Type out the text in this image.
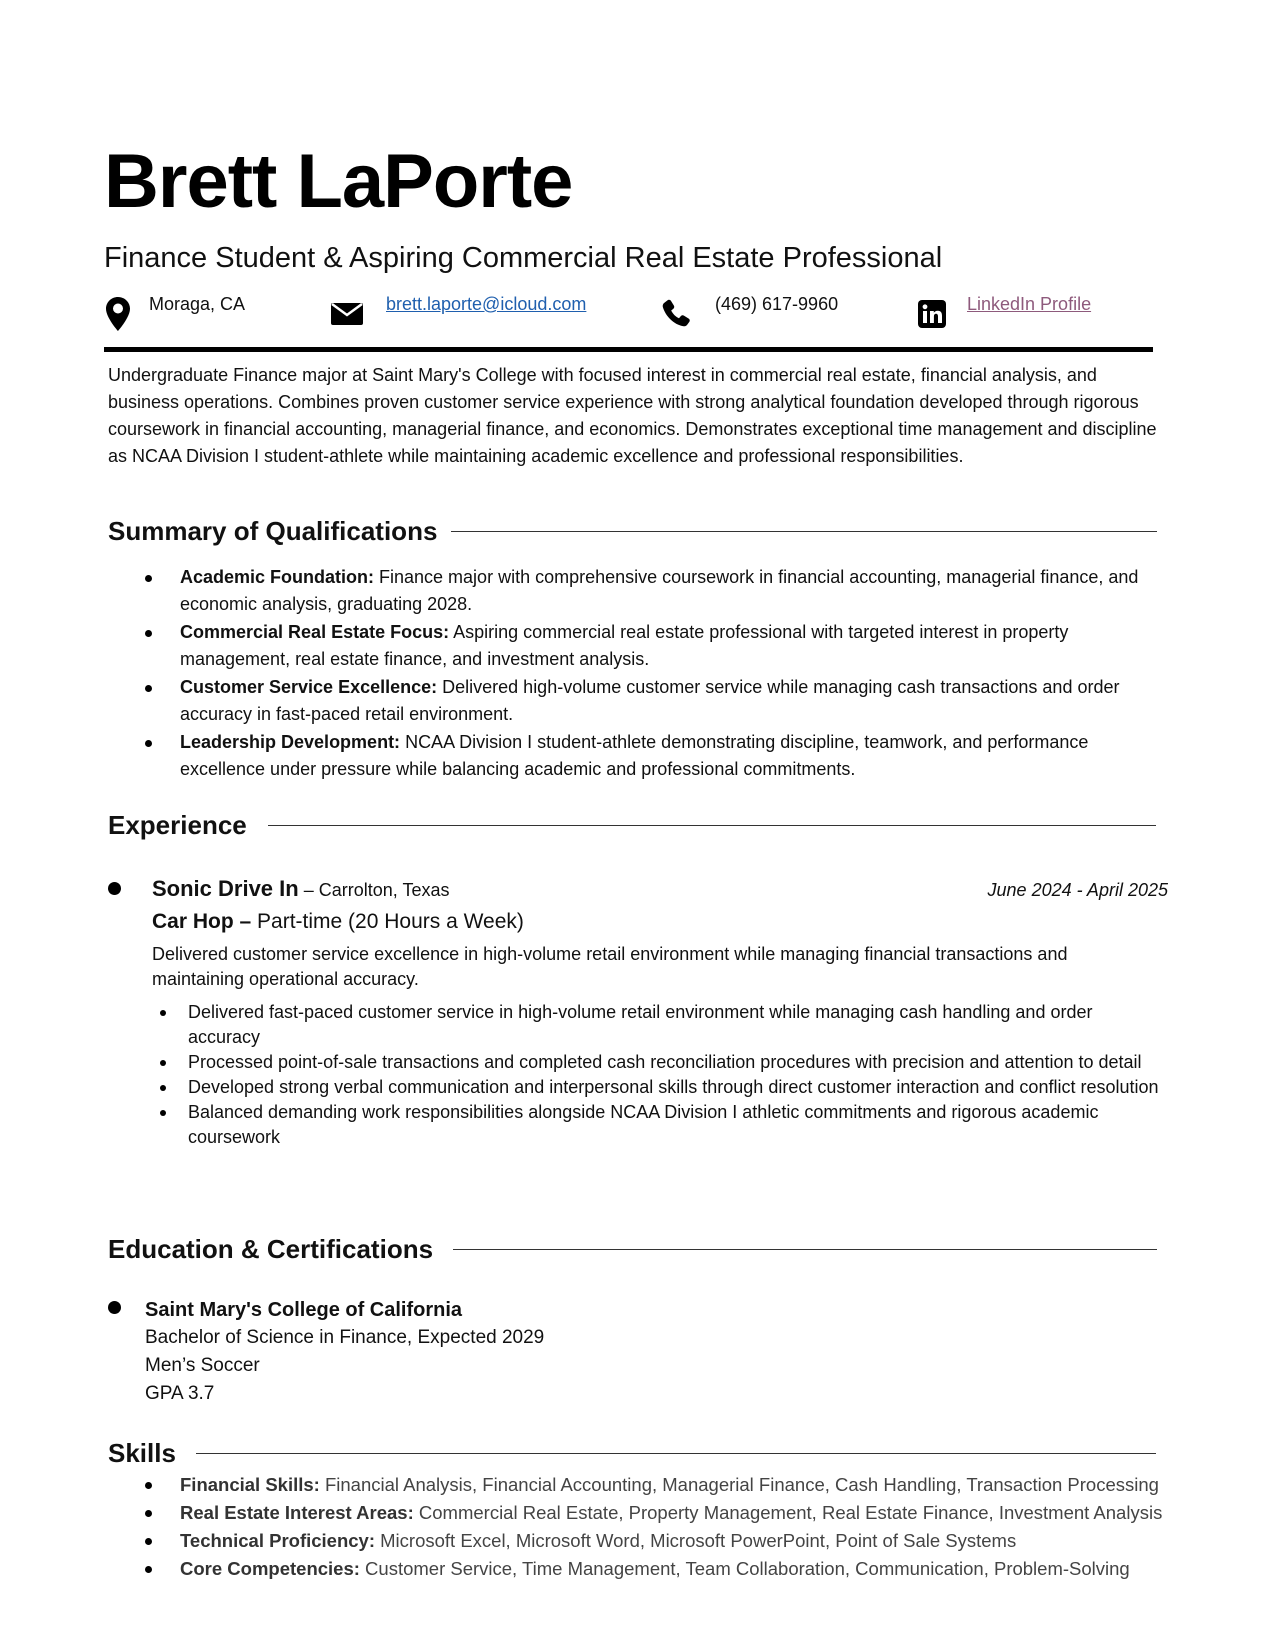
Brett LaPorte
Finance Student & Aspiring Commercial Real Estate Professional
Moraga, CA	brett.laporte@icloud.com	(469) 617-9960	LinkedIn Profile
Undergraduate Finance major at Saint Mary's College with focused interest in commercial real estate, financial analysis, and business operations. Combines proven customer service experience with strong analytical foundation developed through rigorous coursework in financial accounting, managerial finance, and economics. Demonstrates exceptional time management and discipline as NCAA Division I student-athlete while maintaining academic excellence and professional responsibilities.
Summary of Qualifications
Academic Foundation: Finance major with comprehensive coursework in financial accounting, managerial finance, and economic analysis, graduating 2028.
Commercial Real Estate Focus: Aspiring commercial real estate professional with targeted interest in property management, real estate finance, and investment analysis.
Customer Service Excellence: Delivered high-volume customer service while managing cash transactions and order accuracy in fast-paced retail environment.
Leadership Development: NCAA Division I student-athlete demonstrating discipline, teamwork, and performance excellence under pressure while balancing academic and professional commitments.
Experience
Sonic Drive In – Carrolton, Texas	June 2024 - April 2025
Car Hop – Part-time (20 Hours a Week)
Delivered customer service excellence in high-volume retail environment while managing financial transactions and maintaining operational accuracy.
Delivered fast-paced customer service in high-volume retail environment while managing cash handling and order accuracy
Processed point-of-sale transactions and completed cash reconciliation procedures with precision and attention to detail
Developed strong verbal communication and interpersonal skills through direct customer interaction and conflict resolution
Balanced demanding work responsibilities alongside NCAA Division I athletic commitments and rigorous academic coursework
Education & Certifications
Saint Mary's College of California
Bachelor of Science in Finance, Expected 2029
Men’s Soccer
GPA 3.7
Skills
Financial Skills: Financial Analysis, Financial Accounting, Managerial Finance, Cash Handling, Transaction Processing
Real Estate Interest Areas: Commercial Real Estate, Property Management, Real Estate Finance, Investment Analysis
Technical Proficiency: Microsoft Excel, Microsoft Word, Microsoft PowerPoint, Point of Sale Systems
Core Competencies: Customer Service, Time Management, Team Collaboration, Communication, Problem-Solving
